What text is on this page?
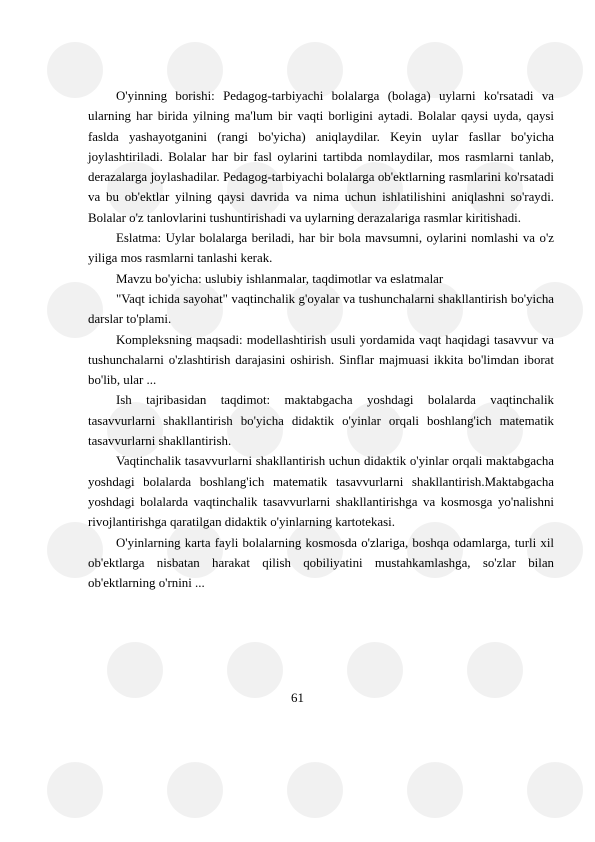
O'yinning borishi: Pedagog-tarbiyachi bolalarga (bolaga) uylarni ko'rsatadi va ularning har birida yilning ma'lum bir vaqti borligini aytadi. Bolalar qaysi uyda, qaysi faslda yashayotganini (rangi bo'yicha) aniqlaydilar. Keyin uylar fasllar bo'yicha joylashtiriladi. Bolalar har bir fasl oylarini tartibda nomlaydilar, mos rasmlarni tanlab, derazalarga joylashadilar. Pedagog-tarbiyachi bolalarga ob'ektlarning rasmlarini ko'rsatadi va bu ob'ektlar yilning qaysi davrida va nima uchun ishlatilishini aniqlashni so'raydi. Bolalar o'z tanlovlarini tushuntirishadi va uylarning derazalariga rasmlar kiritishadi.

Eslatma: Uylar bolalarga beriladi, har bir bola mavsumni, oylarini nomlashi va o'z yiliga mos rasmlarni tanlashi kerak.

Mavzu bo'yicha: uslubiy ishlanmalar, taqdimotlar va eslatmalar

"Vaqt ichida sayohat" vaqtinchalik g'oyalar va tushunchalarni shakllantirish bo'yicha darslar to'plami.

Kompleksning maqsadi: modellashtirish usuli yordamida vaqt haqidagi tasavvur va tushunchalarni o'zlashtirish darajasini oshirish. Sinflar majmuasi ikkita bo'limdan iborat bo'lib, ular ...

Ish tajribasidan taqdimot: maktabgacha yoshdagi bolalarda vaqtinchalik tasavvurlarni shakllantirish bo'yicha didaktik o'yinlar orqali boshlang'ich matematik tasavvurlarni shakllantirish.

Vaqtinchalik tasavvurlarni shakllantirish uchun didaktik o'yinlar orqali maktabgacha yoshdagi bolalarda boshlang'ich matematik tasavvurlarni shakllantirish.Maktabgacha yoshdagi bolalarda vaqtinchalik tasavvurlarni shakllantirishga va kosmosga yo'nalishni rivojlantirishga qaratilgan didaktik o'yinlarning kartotekasi.

O'yinlarning karta fayli bolalarning kosmosda o'zlariga, boshqa odamlarga, turli xil ob'ektlarga nisbatan harakat qilish qobiliyatini mustahkamlashga, so'zlar bilan ob'ektlarning o'rnini ...

61
